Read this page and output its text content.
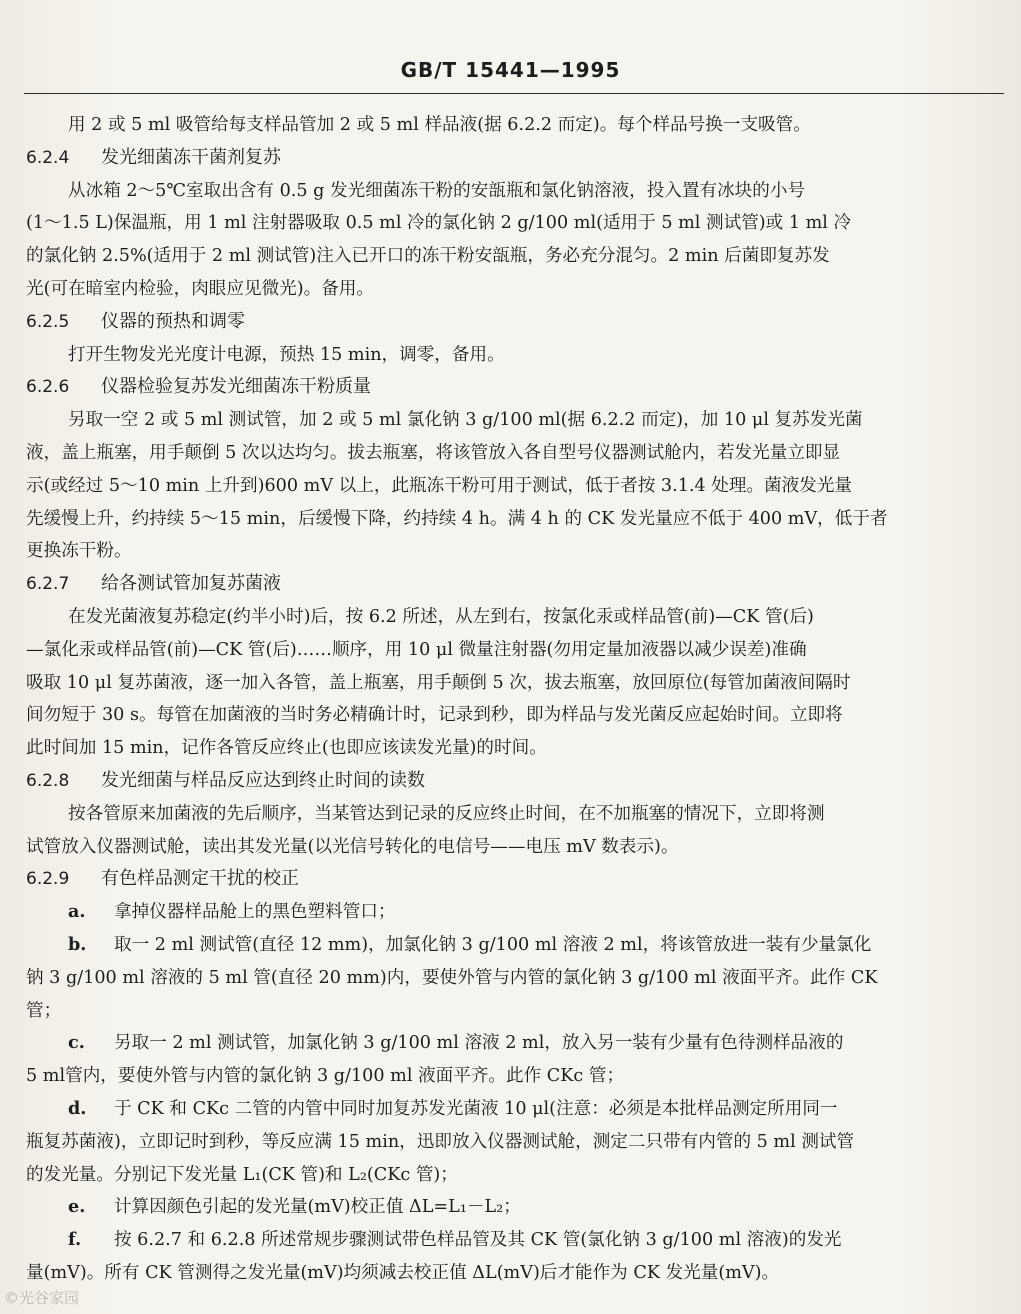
GB/T 15441—1995
用 2 或 5 ml 吸管给每支样品管加 2 或 5 ml 样品液(据 6.2.2 而定)。每个样品号换一支吸管。
6.2.4 发光细菌冻干菌剂复苏
从冰箱 2～5℃室取出含有 0.5 g 发光细菌冻干粉的安瓿瓶和氯化钠溶液，投入置有冰块的小号
(1～1.5 L)保温瓶，用 1 ml 注射器吸取 0.5 ml 冷的氯化钠 2 g/100 ml(适用于 5 ml 测试管)或 1 ml 冷
的氯化钠 2.5%(适用于 2 ml 测试管)注入已开口的冻干粉安瓿瓶，务必充分混匀。2 min 后菌即复苏发
光(可在暗室内检验，肉眼应见微光)。备用。
6.2.5 仪器的预热和调零
打开生物发光光度计电源，预热 15 min，调零，备用。
6.2.6 仪器检验复苏发光细菌冻干粉质量
另取一空 2 或 5 ml 测试管，加 2 或 5 ml 氯化钠 3 g/100 ml(据 6.2.2 而定)，加 10 μl 复苏发光菌
液，盖上瓶塞，用手颠倒 5 次以达均匀。拔去瓶塞，将该管放入各自型号仪器测试舱内，若发光量立即显
示(或经过 5～10 min 上升到)600 mV 以上，此瓶冻干粉可用于测试，低于者按 3.1.4 处理。菌液发光量
先缓慢上升，约持续 5～15 min，后缓慢下降，约持续 4 h。满 4 h 的 CK 发光量应不低于 400 mV，低于者
更换冻干粉。
6.2.7 给各测试管加复苏菌液
在发光菌液复苏稳定(约半小时)后，按 6.2 所述，从左到右，按氯化汞或样品管(前)—CK 管(后)
—氯化汞或样品管(前)—CK 管(后)……顺序，用 10 μl 微量注射器(勿用定量加液器以减少误差)准确
吸取 10 μl 复苏菌液，逐一加入各管，盖上瓶塞，用手颠倒 5 次，拔去瓶塞，放回原位(每管加菌液间隔时
间勿短于 30 s。每管在加菌液的当时务必精确计时，记录到秒，即为样品与发光菌反应起始时间。立即将
此时间加 15 min，记作各管反应终止(也即应该读发光量)的时间。
6.2.8 发光细菌与样品反应达到终止时间的读数
按各管原来加菌液的先后顺序，当某管达到记录的反应终止时间，在不加瓶塞的情况下，立即将测
试管放入仪器测试舱，读出其发光量(以光信号转化的电信号——电压 mV 数表示)。
6.2.9 有色样品测定干扰的校正
a. 拿掉仪器样品舱上的黑色塑料管口；
b. 取一 2 ml 测试管(直径 12 mm)，加氯化钠 3 g/100 ml 溶液 2 ml，将该管放进一装有少量氯化
钠 3 g/100 ml 溶液的 5 ml 管(直径 20 mm)内，要使外管与内管的氯化钠 3 g/100 ml 液面平齐。此作 CK
管；
c. 另取一 2 ml 测试管，加氯化钠 3 g/100 ml 溶液 2 ml，放入另一装有少量有色待测样品液的
5 ml管内，要使外管与内管的氯化钠 3 g/100 ml 液面平齐。此作 CKc 管；
d. 于 CK 和 CKc 二管的内管中同时加复苏发光菌液 10 μl(注意：必须是本批样品测定所用同一
瓶复苏菌液)，立即记时到秒，等反应满 15 min，迅即放入仪器测试舱，测定二只带有内管的 5 ml 测试管
的发光量。分别记下发光量 L₁(CK 管)和 L₂(CKc 管)；
e. 计算因颜色引起的发光量(mV)校正值 ΔL=L₁－L₂；
f. 按 6.2.7 和 6.2.8 所述常规步骤测试带色样品管及其 CK 管(氯化钠 3 g/100 ml 溶液)的发光
量(mV)。所有 CK 管测得之发光量(mV)均须减去校正值 ΔL(mV)后才能作为 CK 发光量(mV)。
©光谷家园
